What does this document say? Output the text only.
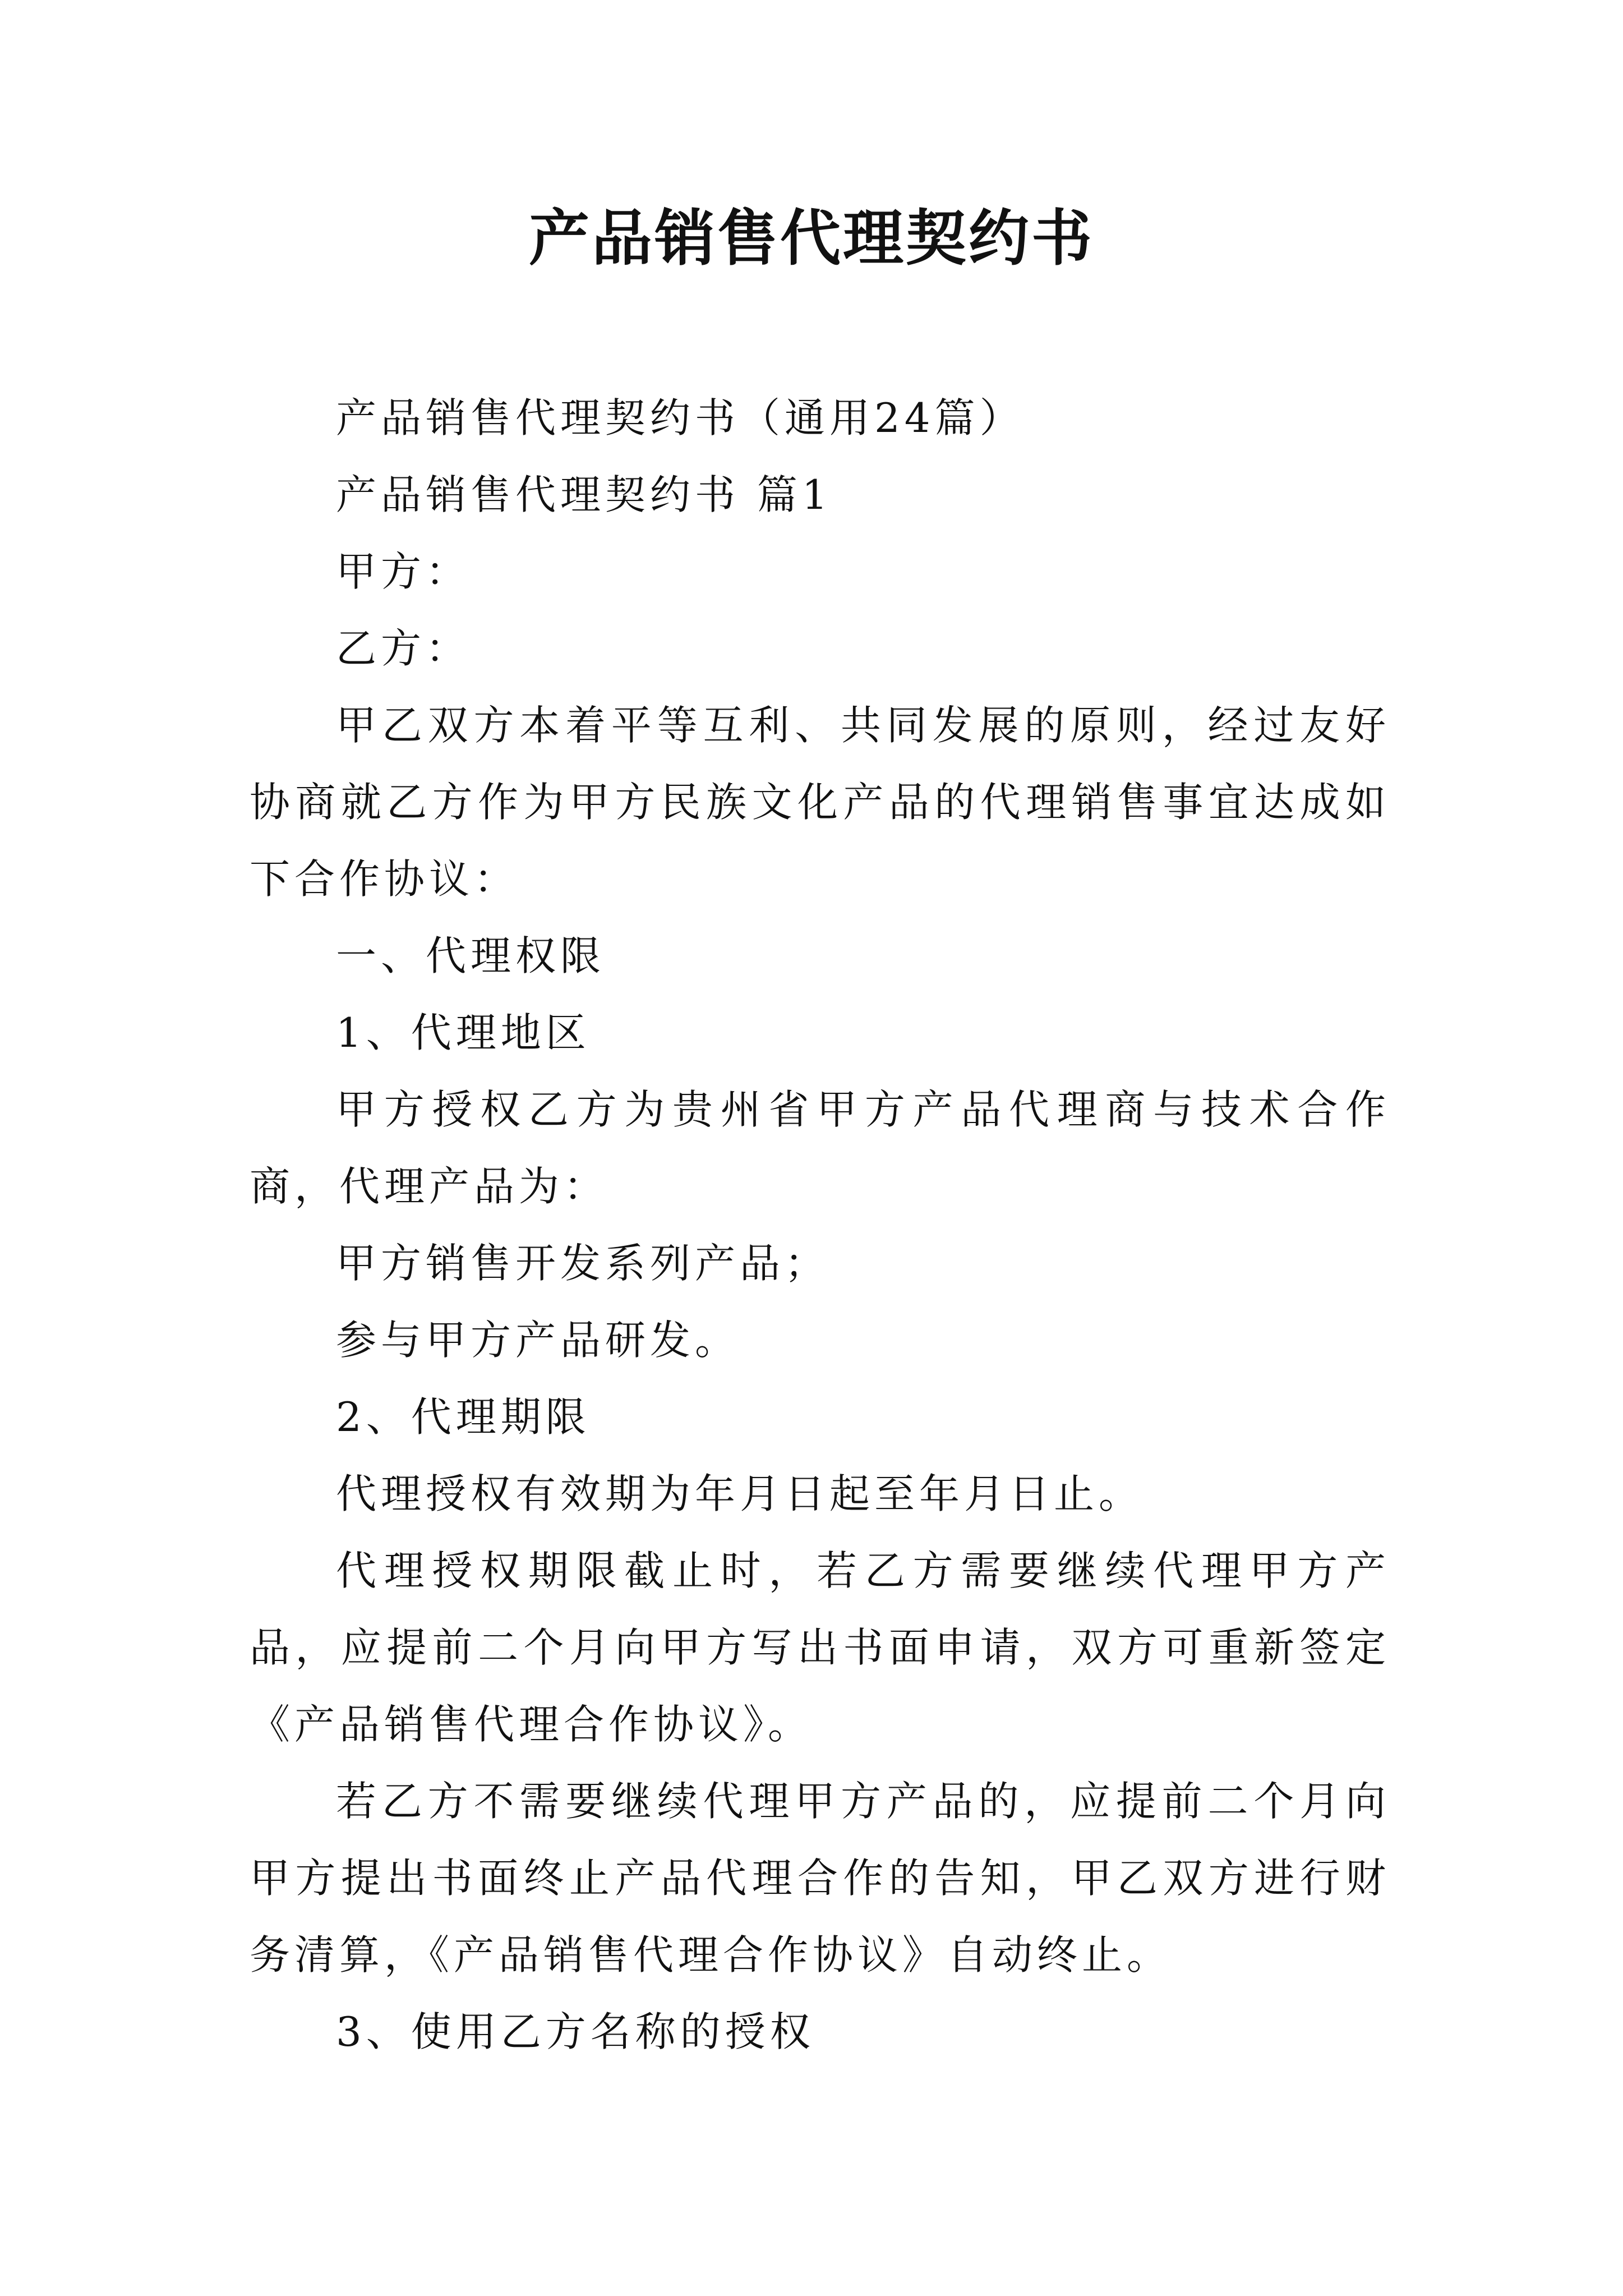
产品销售代理契约书

产品销售代理契约书（通用24篇）

产品销售代理契约书 篇1

甲方：

乙方：

甲乙双方本着平等互利、共同发展的原则，经过友好协商就乙方作为甲方民族文化产品的代理销售事宜达成如下合作协议：

一、代理权限

1、代理地区

甲方授权乙方为贵州省甲方产品代理商与技术合作商，代理产品为：

甲方销售开发系列产品；

参与甲方产品研发。

2、代理期限

代理授权有效期为年月日起至年月日止。

代理授权期限截止时，若乙方需要继续代理甲方产品，应提前二个月向甲方写出书面申请，双方可重新签定《产品销售代理合作协议》。

若乙方不需要继续代理甲方产品的，应提前二个月向甲方提出书面终止产品代理合作的告知，甲乙双方进行财务清算，《产品销售代理合作协议》自动终止。

3、使用乙方名称的授权
